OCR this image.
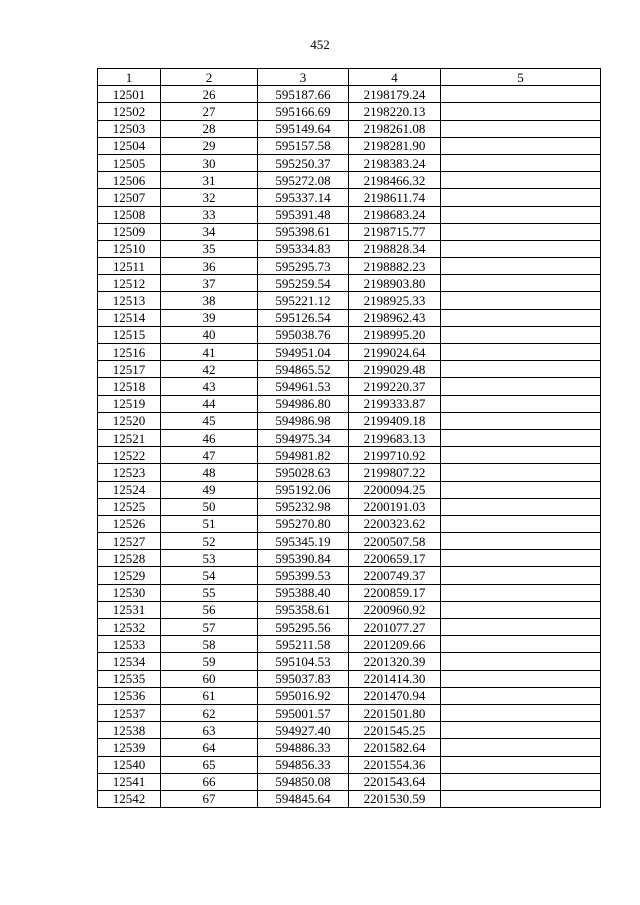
452
1	2	3	4	5
12501	26	595187.66	2198179.24	
12502	27	595166.69	2198220.13	
12503	28	595149.64	2198261.08	
12504	29	595157.58	2198281.90	
12505	30	595250.37	2198383.24	
12506	31	595272.08	2198466.32	
12507	32	595337.14	2198611.74	
12508	33	595391.48	2198683.24	
12509	34	595398.61	2198715.77	
12510	35	595334.83	2198828.34	
12511	36	595295.73	2198882.23	
12512	37	595259.54	2198903.80	
12513	38	595221.12	2198925.33	
12514	39	595126.54	2198962.43	
12515	40	595038.76	2198995.20	
12516	41	594951.04	2199024.64	
12517	42	594865.52	2199029.48	
12518	43	594961.53	2199220.37	
12519	44	594986.80	2199333.87	
12520	45	594986.98	2199409.18	
12521	46	594975.34	2199683.13	
12522	47	594981.82	2199710.92	
12523	48	595028.63	2199807.22	
12524	49	595192.06	2200094.25	
12525	50	595232.98	2200191.03	
12526	51	595270.80	2200323.62	
12527	52	595345.19	2200507.58	
12528	53	595390.84	2200659.17	
12529	54	595399.53	2200749.37	
12530	55	595388.40	2200859.17	
12531	56	595358.61	2200960.92	
12532	57	595295.56	2201077.27	
12533	58	595211.58	2201209.66	
12534	59	595104.53	2201320.39	
12535	60	595037.83	2201414.30	
12536	61	595016.92	2201470.94	
12537	62	595001.57	2201501.80	
12538	63	594927.40	2201545.25	
12539	64	594886.33	2201582.64	
12540	65	594856.33	2201554.36	
12541	66	594850.08	2201543.64	
12542	67	594845.64	2201530.59	
